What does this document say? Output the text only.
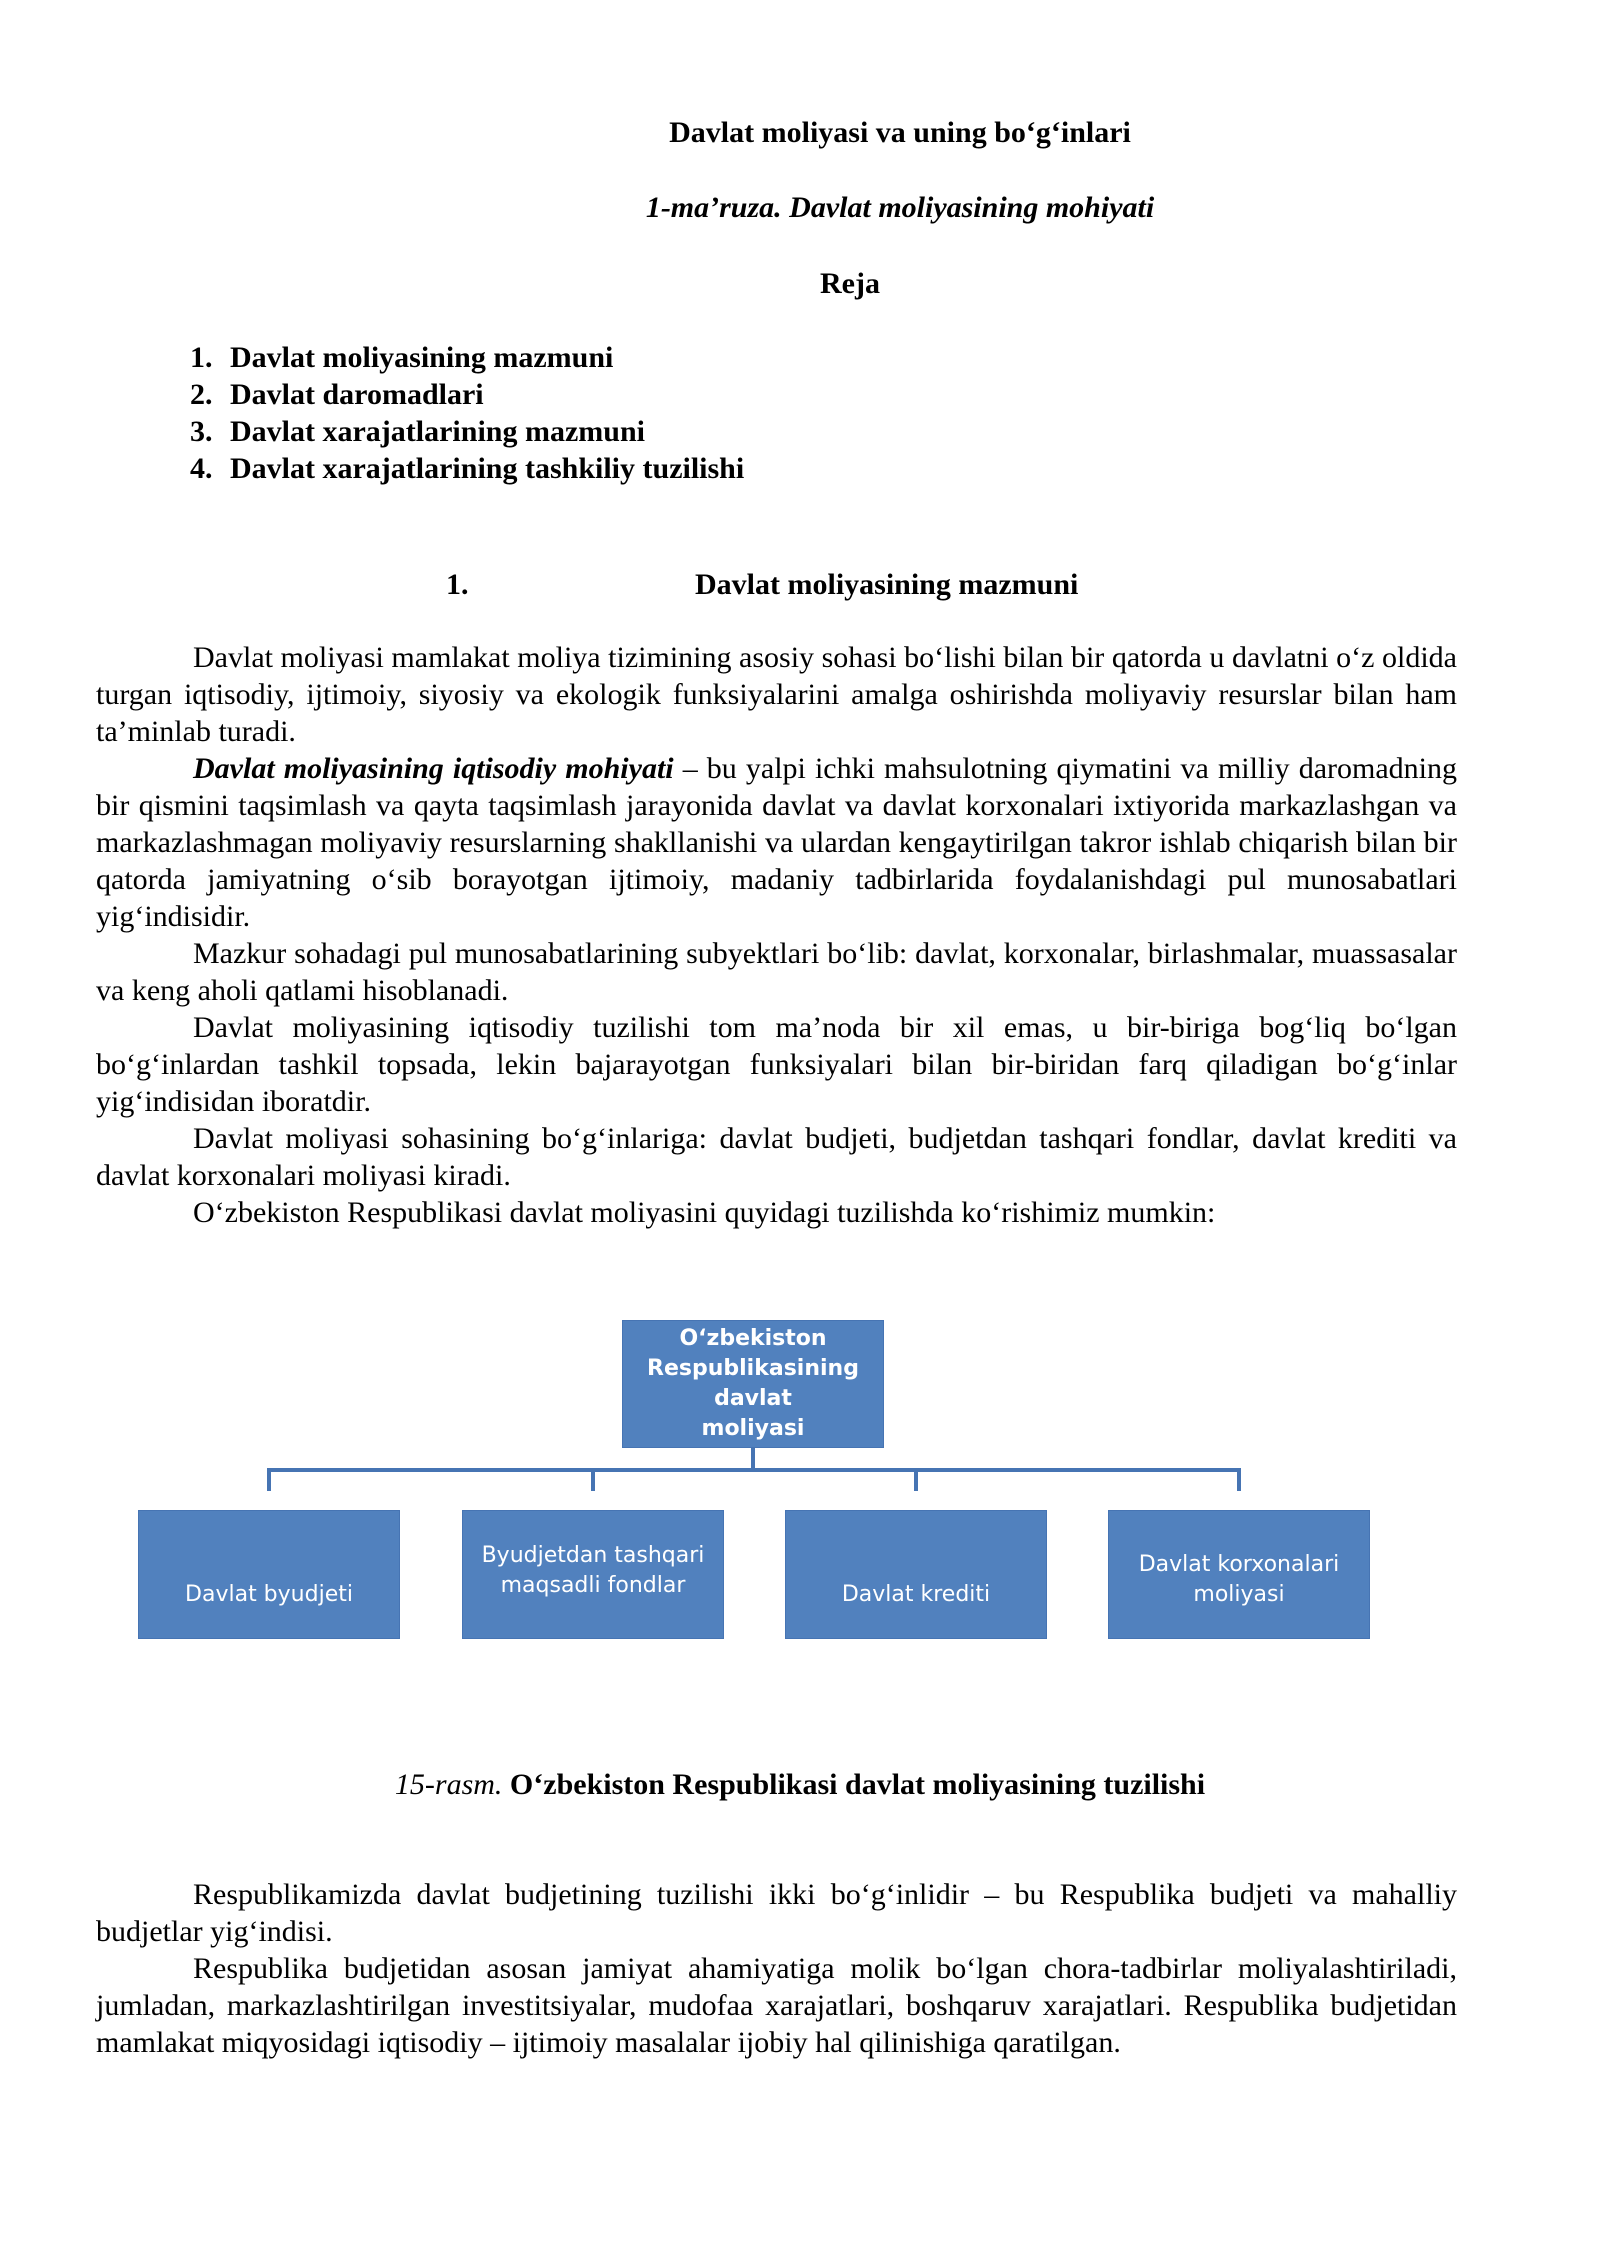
Davlat moliyasi va uning bo‘g‘inlari
1-ma’ruza. Davlat moliyasining mohiyati
Reja
1. Davlat moliyasining mazmuni
2. Davlat daromadlari
3. Davlat xarajatlarining mazmuni
4. Davlat xarajatlarining tashkiliy tuzilishi
1.	Davlat moliyasining mazmuni

Davlat moliyasi mamlakat moliya tizimining asosiy sohasi bo‘lishi bilan bir qatorda u davlatni o‘z oldida turgan iqtisodiy, ijtimoiy, siyosiy va ekologik funksiyalarini amalga oshirishda moliyaviy resurslar bilan ham ta’minlab turadi.

Davlat moliyasining iqtisodiy mohiyati – bu yalpi ichki mahsulotning qiymatini va milliy daromadning bir qismini taqsimlash va qayta taqsimlash jarayonida davlat va davlat korxonalari ixtiyorida markazlashgan va markazlashmagan moliyaviy resurslarning shakllanishi va ulardan kengaytirilgan takror ishlab chiqarish bilan bir qatorda jamiyatning o‘sib borayotgan ijtimoiy, madaniy tadbirlarida foydalanishdagi pul munosabatlari yig‘indisidir.

Mazkur sohadagi pul munosabatlarining subyektlari bo‘lib: davlat, korxonalar, birlashmalar, muassasalar va keng aholi qatlami hisoblanadi.

Davlat moliyasining iqtisodiy tuzilishi tom ma’noda bir xil emas, u bir-biriga bog‘liq bo‘lgan bo‘g‘inlardan tashkil topsada, lekin bajarayotgan funksiyalari bilan bir-biridan farq qiladigan bo‘g‘inlar yig‘indisidan iboratdir.

Davlat moliyasi sohasining bo‘g‘inlariga: davlat budjeti, budjetdan tashqari fondlar, davlat krediti va davlat korxonalari moliyasi kiradi.

O‘zbekiston Respublikasi davlat moliyasini quyidagi tuzilishda ko‘rishimiz mumkin:

O‘zbekiston
Respublikasining davlat
moliyasi
Davlat byudjeti
Byudjetdan tashqari
maqsadli fondlar	Davlat krediti
Davlat korxonalari
moliyasi
15-rasm. O‘zbekiston Respublikasi davlat moliyasining tuzilishi

Respublikamizda davlat budjetining tuzilishi ikki bo‘g‘inlidir – bu Respublika budjeti va mahalliy budjetlar yig‘indisi.

Respublika budjetidan asosan jamiyat ahamiyatiga molik bo‘lgan chora-tadbirlar moliyalashtiriladi, jumladan, markazlashtirilgan investitsiyalar, mudofaa xarajatlari, boshqaruv xarajatlari. Respublika budjetidan mamlakat miqyosidagi iqtisodiy – ijtimoiy masalalar ijobiy hal qilinishiga qaratilgan.
